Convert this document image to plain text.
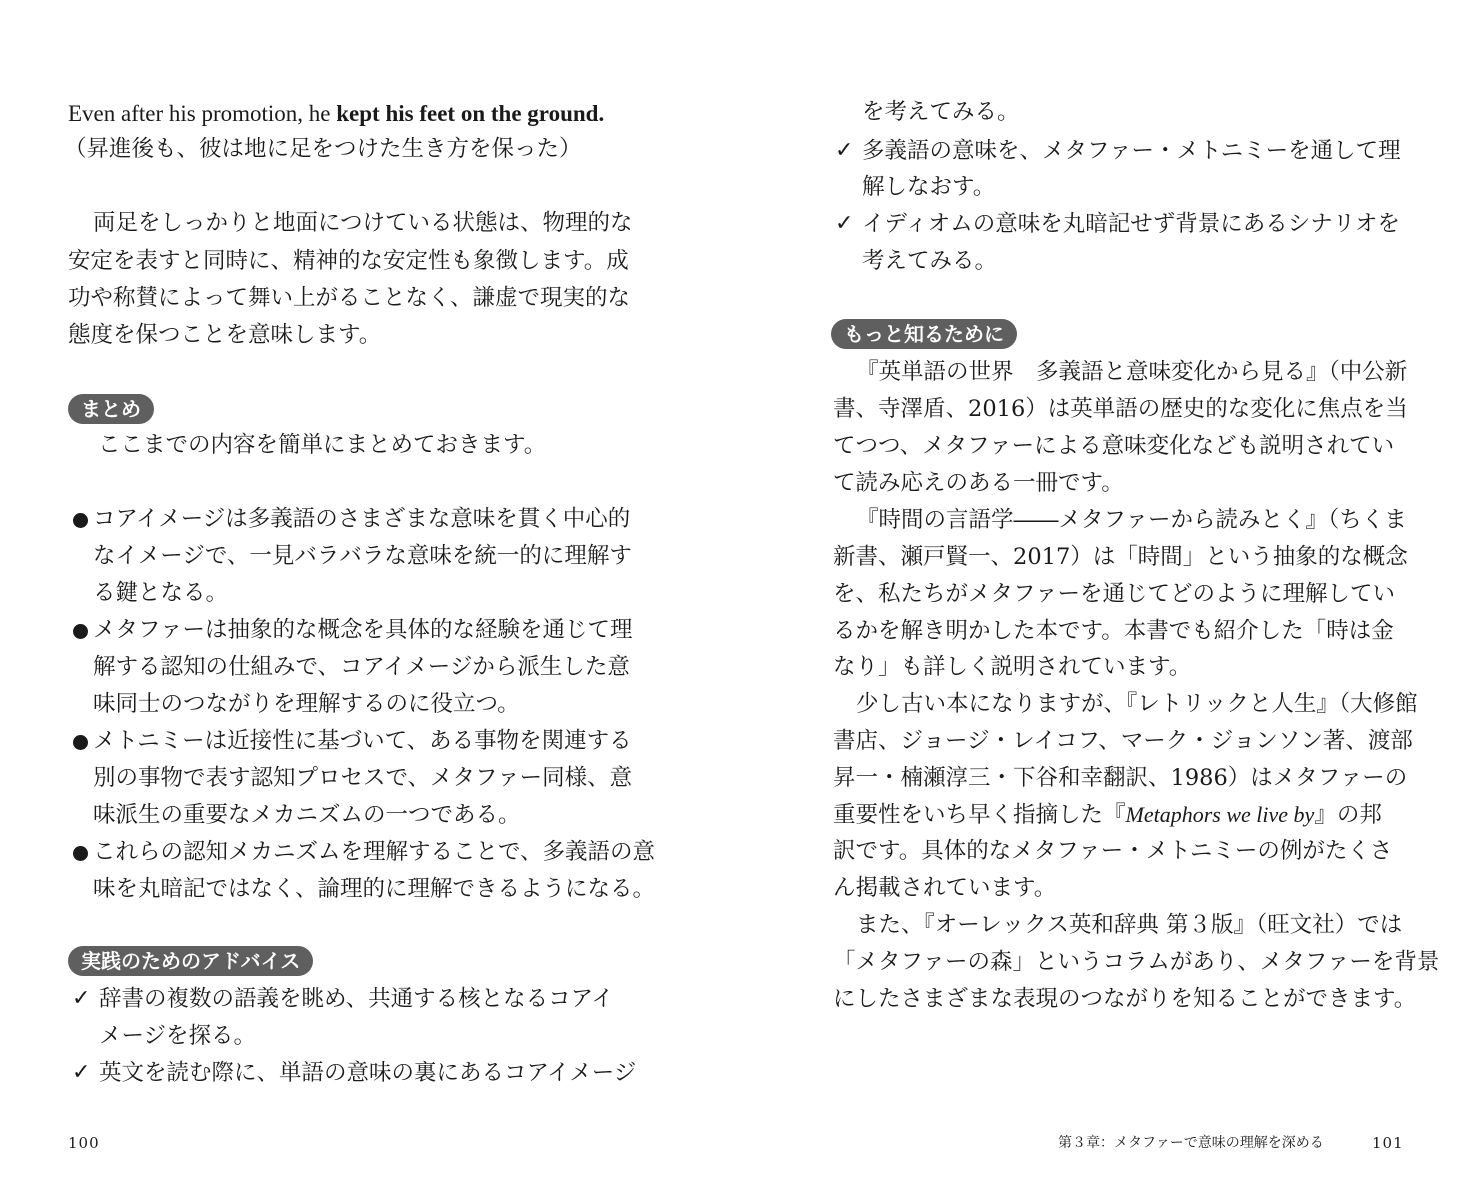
Even after his promotion, he kept his feet on the ground.
（昇進後も、彼は地に足をつけた生き方を保った）
両足をしっかりと地面につけている状態は、物理的な
安定を表すと同時に、精神的な安定性も象徴します。成
功や称賛によって舞い上がることなく、謙虚で現実的な
態度を保つことを意味します。
まとめ
ここまでの内容を簡単にまとめておきます。
コアイメージは多義語のさまざまな意味を貫く中心的
なイメージで、一見バラバラな意味を統一的に理解す
る鍵となる。
メタファーは抽象的な概念を具体的な経験を通じて理
解する認知の仕組みで、コアイメージから派生した意
味同士のつながりを理解するのに役立つ。
メトニミーは近接性に基づいて、ある事物を関連する
別の事物で表す認知プロセスで、メタファー同様、意
味派生の重要なメカニズムの一つである。
これらの認知メカニズムを理解することで、多義語の意
味を丸暗記ではなく、論理的に理解できるようになる。
実践のためのアドバイス
✓ 辞書の複数の語義を眺め、共通する核となるコアイ
メージを探る。
✓ 英文を読む際に、単語の意味の裏にあるコアイメージ
100
を考えてみる。
✓ 多義語の意味を、メタファー・メトニミーを通して理
解しなおす。
✓ イディオムの意味を丸暗記せず背景にあるシナリオを
考えてみる。
もっと知るために
『英単語の世界　多義語と意味変化から見る』（中公新
書、寺澤盾、2016）は英単語の歴史的な変化に焦点を当
てつつ、メタファーによる意味変化なども説明されてい
て読み応えのある一冊です。
『時間の言語学――メタファーから読みとく』（ちくま
新書、瀬戸賢一、2017）は「時間」という抽象的な概念
を、私たちがメタファーを通じてどのように理解してい
るかを解き明かした本です。本書でも紹介した「時は金
なり」も詳しく説明されています。
少し古い本になりますが、『レトリックと人生』（大修館
書店、ジョージ・レイコフ、マーク・ジョンソン著、渡部
昇一・楠瀬淳三・下谷和幸翻訳、1986）はメタファーの
重要性をいち早く指摘した『Metaphors we live by』の邦
訳です。具体的なメタファー・メトニミーの例がたくさ
ん掲載されています。
また、『オーレックス英和辞典 第３版』（旺文社）では
「メタファーの森」というコラムがあり、メタファーを背景
にしたさまざまな表現のつながりを知ることができます。
第３章：メタファーで意味の理解を深める	101
